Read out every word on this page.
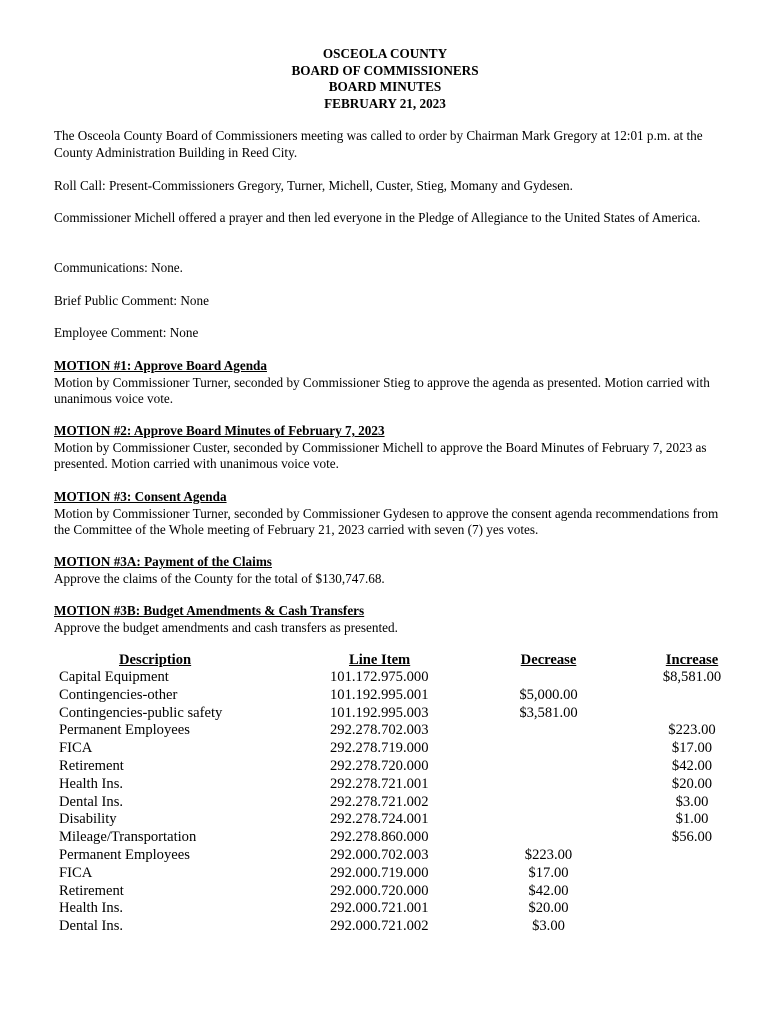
OSCEOLA COUNTY
BOARD OF COMMISSIONERS
BOARD MINUTES
FEBRUARY 21, 2023

The Osceola County Board of Commissioners meeting was called to order by Chairman Mark Gregory at 12:01 p.m. at the County Administration Building in Reed City.

Roll Call: Present-Commissioners Gregory, Turner, Michell, Custer, Stieg, Momany and Gydesen.

Commissioner Michell offered a prayer and then led everyone in the Pledge of Allegiance to the United States of America.

Communications: None.

Brief Public Comment: None

Employee Comment: None

MOTION #1: Approve Board Agenda
Motion by Commissioner Turner, seconded by Commissioner Stieg to approve the agenda as presented. Motion carried with unanimous voice vote.
MOTION #2: Approve Board Minutes of February 7, 2023
Motion by Commissioner Custer, seconded by Commissioner Michell to approve the Board Minutes of February 7, 2023 as presented. Motion carried with unanimous voice vote.
MOTION #3: Consent Agenda
Motion by Commissioner Turner, seconded by Commissioner Gydesen to approve the consent agenda recommendations from the Committee of the Whole meeting of February 21, 2023 carried with seven (7) yes votes.
MOTION #3A: Payment of the Claims
Approve the claims of the County for the total of $130,747.68.
MOTION #3B: Budget Amendments & Cash Transfers
Approve the budget amendments and cash transfers as presented.
Description	Line Item	Decrease	Increase
Capital Equipment	101.172.975.000		$8,581.00
Contingencies-other	101.192.995.001	$5,000.00	
Contingencies-public safety	101.192.995.003	$3,581.00	
Permanent Employees	292.278.702.003		$223.00
FICA	292.278.719.000		$17.00
Retirement	292.278.720.000		$42.00
Health Ins.	292.278.721.001		$20.00
Dental Ins.	292.278.721.002		$3.00
Disability	292.278.724.001		$1.00
Mileage/Transportation	292.278.860.000		$56.00
Permanent Employees	292.000.702.003	$223.00	
FICA	292.000.719.000	$17.00	
Retirement	292.000.720.000	$42.00	
Health Ins.	292.000.721.001	$20.00	
Dental Ins.	292.000.721.002	$3.00	
